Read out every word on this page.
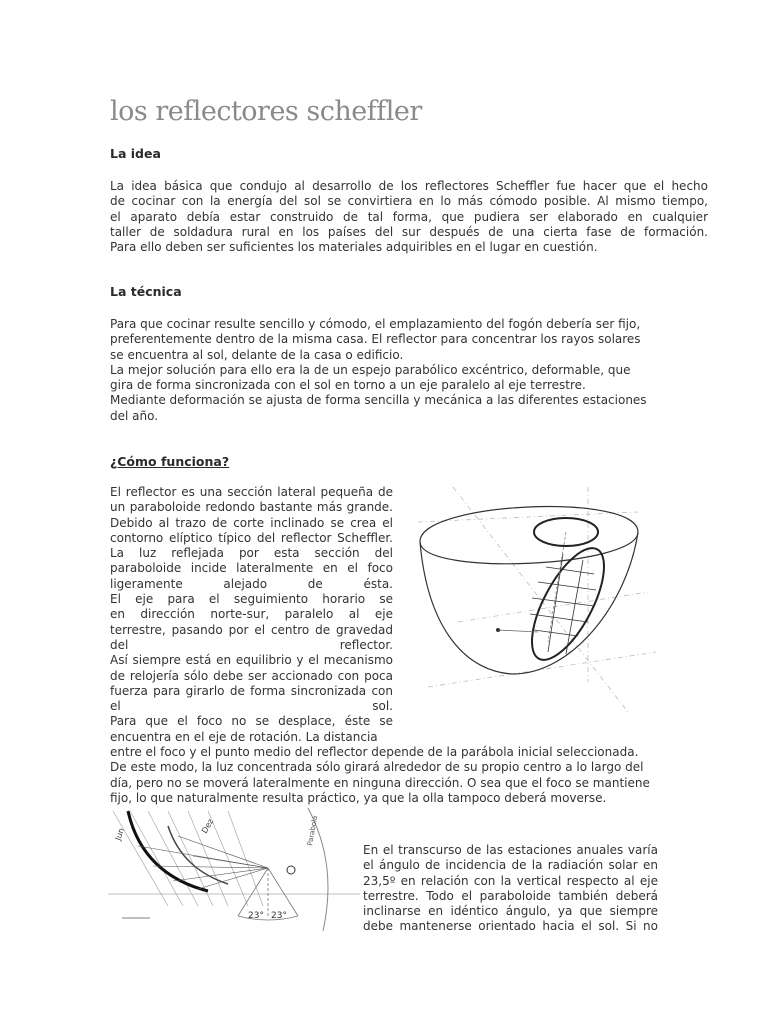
los reflectores scheffler
La idea
La idea básica que condujo al desarrollo de los reflectores Scheffler fue hacer que el hecho
de cocinar con la energía del sol se convirtiera en lo más cómodo posible. Al mismo tiempo,
el aparato debía estar construido de tal forma, que pudiera ser elaborado en cualquier
taller de soldadura rural en los países del sur después de una cierta fase de formación.
Para ello deben ser suficientes los materiales adquiribles en el lugar en cuestión.
La técnica
Para que cocinar resulte sencillo y cómodo, el emplazamiento del fogón debería ser fijo,
preferentemente dentro de la misma casa. El reflector para concentrar los rayos solares
se encuentra al sol, delante de la casa o edificio.
La mejor solución para ello era la de un espejo parabólico excéntrico, deformable, que
gira de forma sincronizada con el sol en torno a un eje paralelo al eje terrestre.
Mediante deformación se ajusta de forma sencilla y mecánica a las diferentes estaciones
del año.
¿Cómo funciona?
El reflector es una sección lateral pequeña de
un paraboloide redondo bastante más grande.
Debido al trazo de corte inclinado se crea el
contorno elíptico típico del reflector Scheffler.
La luz reflejada por esta sección del
paraboloide incide lateralmente en el foco
ligeramente alejado de ésta.
El eje para el seguimiento horario se
en dirección norte-sur, paralelo al eje
terrestre, pasando por el centro de gravedad
del reflector.
Así siempre está en equilibrio y el mecanismo
de relojería sólo debe ser accionado con poca
fuerza para girarlo de forma sincronizada con
el sol.
Para que el foco no se desplace, éste se
encuentra en el eje de rotación. La distancia
entre el foco y el punto medio del reflector depende de la parábola inicial seleccionada.
De este modo, la luz concentrada sólo girará alrededor de su propio centro a lo largo del
día, pero no se moverá lateralmente en ninguna dirección. O sea que el foco se mantiene
fijo, lo que naturalmente resulta práctico, ya que la olla tampoco deberá moverse.
Jun	Dez	Parabola
23° 23°
En el transcurso de las estaciones anuales varía
el ángulo de incidencia de la radiación solar en
23,5º en relación con la vertical respecto al eje
terrestre. Todo el paraboloide también deberá
inclinarse en idéntico ángulo, ya que siempre
debe mantenerse orientado hacia el sol. Si no
